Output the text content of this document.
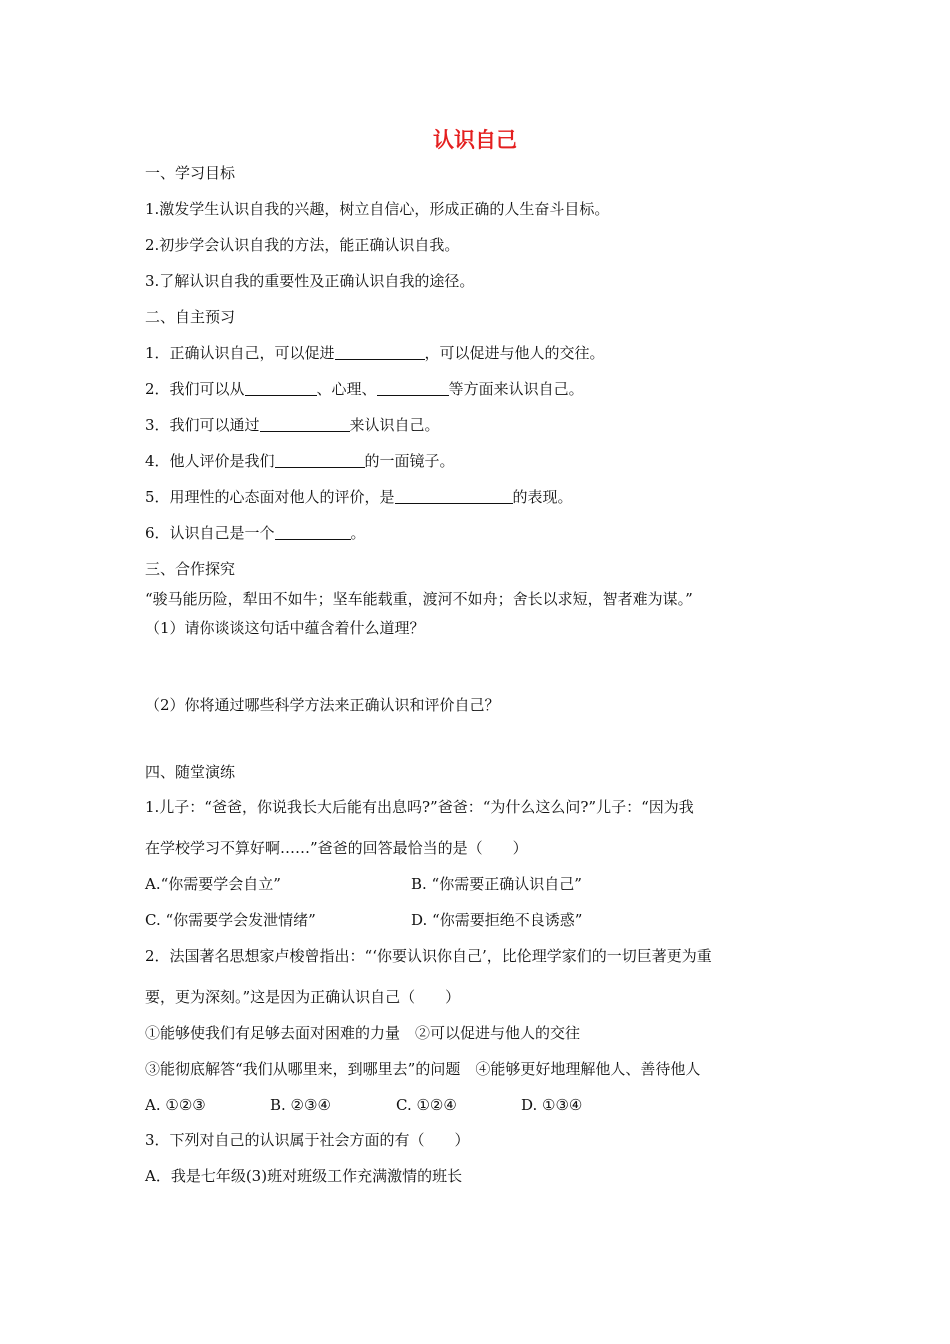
认识自己
一、学习目标
1.激发学生认识自我的兴趣，树立自信心，形成正确的人生奋斗目标。
2.初步学会认识自我的方法，能正确认识自我。
3.了解认识自我的重要性及正确认识自我的途径。
二、自主预习
1．正确认识自己，可以促进	，可以促进与他人的交往。
2．我们可以从	、心理、	等方面来认识自己。
3．我们可以通过	来认识自己。
4．他人评价是我们	的一面镜子。
5．用理性的心态面对他人的评价，是	的表现。
6．认识自己是一个	。
三、合作探究
“骏马能历险，犁田不如牛；坚车能载重，渡河不如舟；舍长以求短，智者难为谋。”
（1）请你谈谈这句话中蕴含着什么道理？
（2）你将通过哪些科学方法来正确认识和评价自己？
四、随堂演练
1.儿子：“爸爸，你说我长大后能有出息吗?”爸爸：“为什么这么问?”儿子：“因为我
在学校学习不算好啊……”爸爸的回答最恰当的是（　　）
A.“你需要学会自立”	B. “你需要正确认识自己”
C. “你需要学会发泄情绪”	D. “你需要拒绝不良诱惑”
2．法国著名思想家卢梭曾指出：“‘你要认识你自己’，比伦理学家们的一切巨著更为重
要，更为深刻。”这是因为正确认识自己（　　）
①能够使我们有足够去面对困难的力量　②可以促进与他人的交往
③能彻底解答“我们从哪里来，到哪里去”的问题　④能够更好地理解他人、善待他人
A. ①②③	B. ②③④	C. ①②④	D. ①③④
3．下列对自己的认识属于社会方面的有（　　）
A．我是七年级(3)班对班级工作充满激情的班长
